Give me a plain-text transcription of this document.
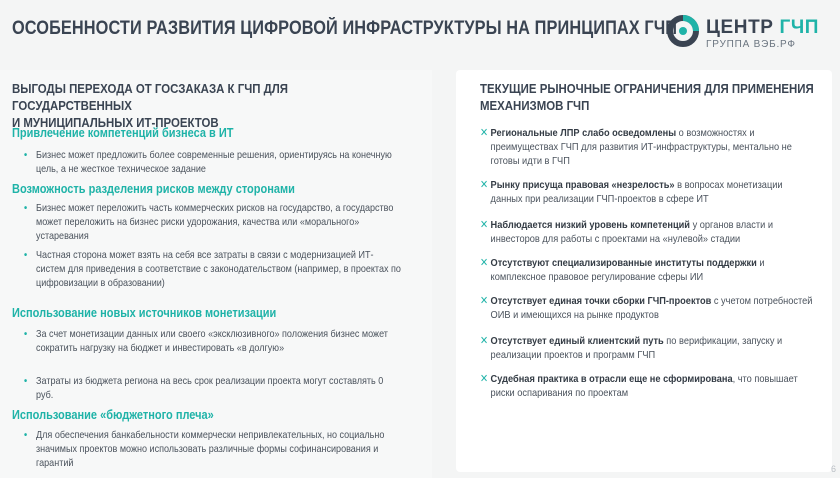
ОСОБЕННОСТИ РАЗВИТИЯ ЦИФРОВОЙ ИНФРАСТРУКТУРЫ НА ПРИНЦИПАХ ГЧП ЦЕНТР ГЧП
ГРУППА ВЭБ.РФ
ВЫГОДЫ ПЕРЕХОДА ОТ ГОСЗАКАЗА К ГЧП ДЛЯ ГОСУДАРСТВЕННЫХ
И МУНИЦИПАЛЬНЫХ ИТ-ПРОЕКТОВ
Привлечение компетенций бизнеса в ИТ
• Бизнес может предложить более современные решения, ориентируясь на конечную цель, а не жесткое техническое задание
Возможность разделения рисков между сторонами
• Бизнес может переложить часть коммерческих рисков на государство, а государство может переложить на бизнес риски удорожания, качества или «морального» устаревания
• Частная сторона может взять на себя все затраты в связи с модернизацией ИТ-систем для приведения в соответствие с законодательством (например, в проектах по цифровизации в образовании)
Использование новых источников монетизации
• За счет монетизации данных или своего «эксклюзивного» положения бизнес может сократить нагрузку на бюджет и инвестировать «в долгую»
• Затраты из бюджета региона на весь срок реализации проекта могут составлять 0 руб.
Использование «бюджетного плеча»
• Для обеспечения банкабельности коммерчески непривлекательных, но социально значимых проектов можно использовать различные формы софинансирования и гарантий
ТЕКУЩИЕ РЫНОЧНЫЕ ОГРАНИЧЕНИЯ ДЛЯ ПРИМЕНЕНИЯ
МЕХАНИЗМОВ ГЧП
✕ Региональные ЛПР слабо осведомлены о возможностях и преимуществах ГЧП для развития ИТ-инфраструктуры, ментально не готовы идти в ГЧП
✕ Рынку присуща правовая «незрелость» в вопросах монетизации данных при реализации ГЧП-проектов в сфере ИТ
✕ Наблюдается низкий уровень компетенций у органов власти и инвесторов для работы с проектами на «нулевой» стадии
✕ Отсутствуют специализированные институты поддержки и комплексное правовое регулирование сферы ИИ
✕ Отсутствует единая точки сборки ГЧП-проектов с учетом потребностей ОИВ и имеющихся на рынке продуктов
✕ Отсутствует единый клиентский путь по верификации, запуску и реализации проектов и программ ГЧП
✕ Судебная практика в отрасли еще не сформирована, что повышает риски оспаривания по проектам
6
